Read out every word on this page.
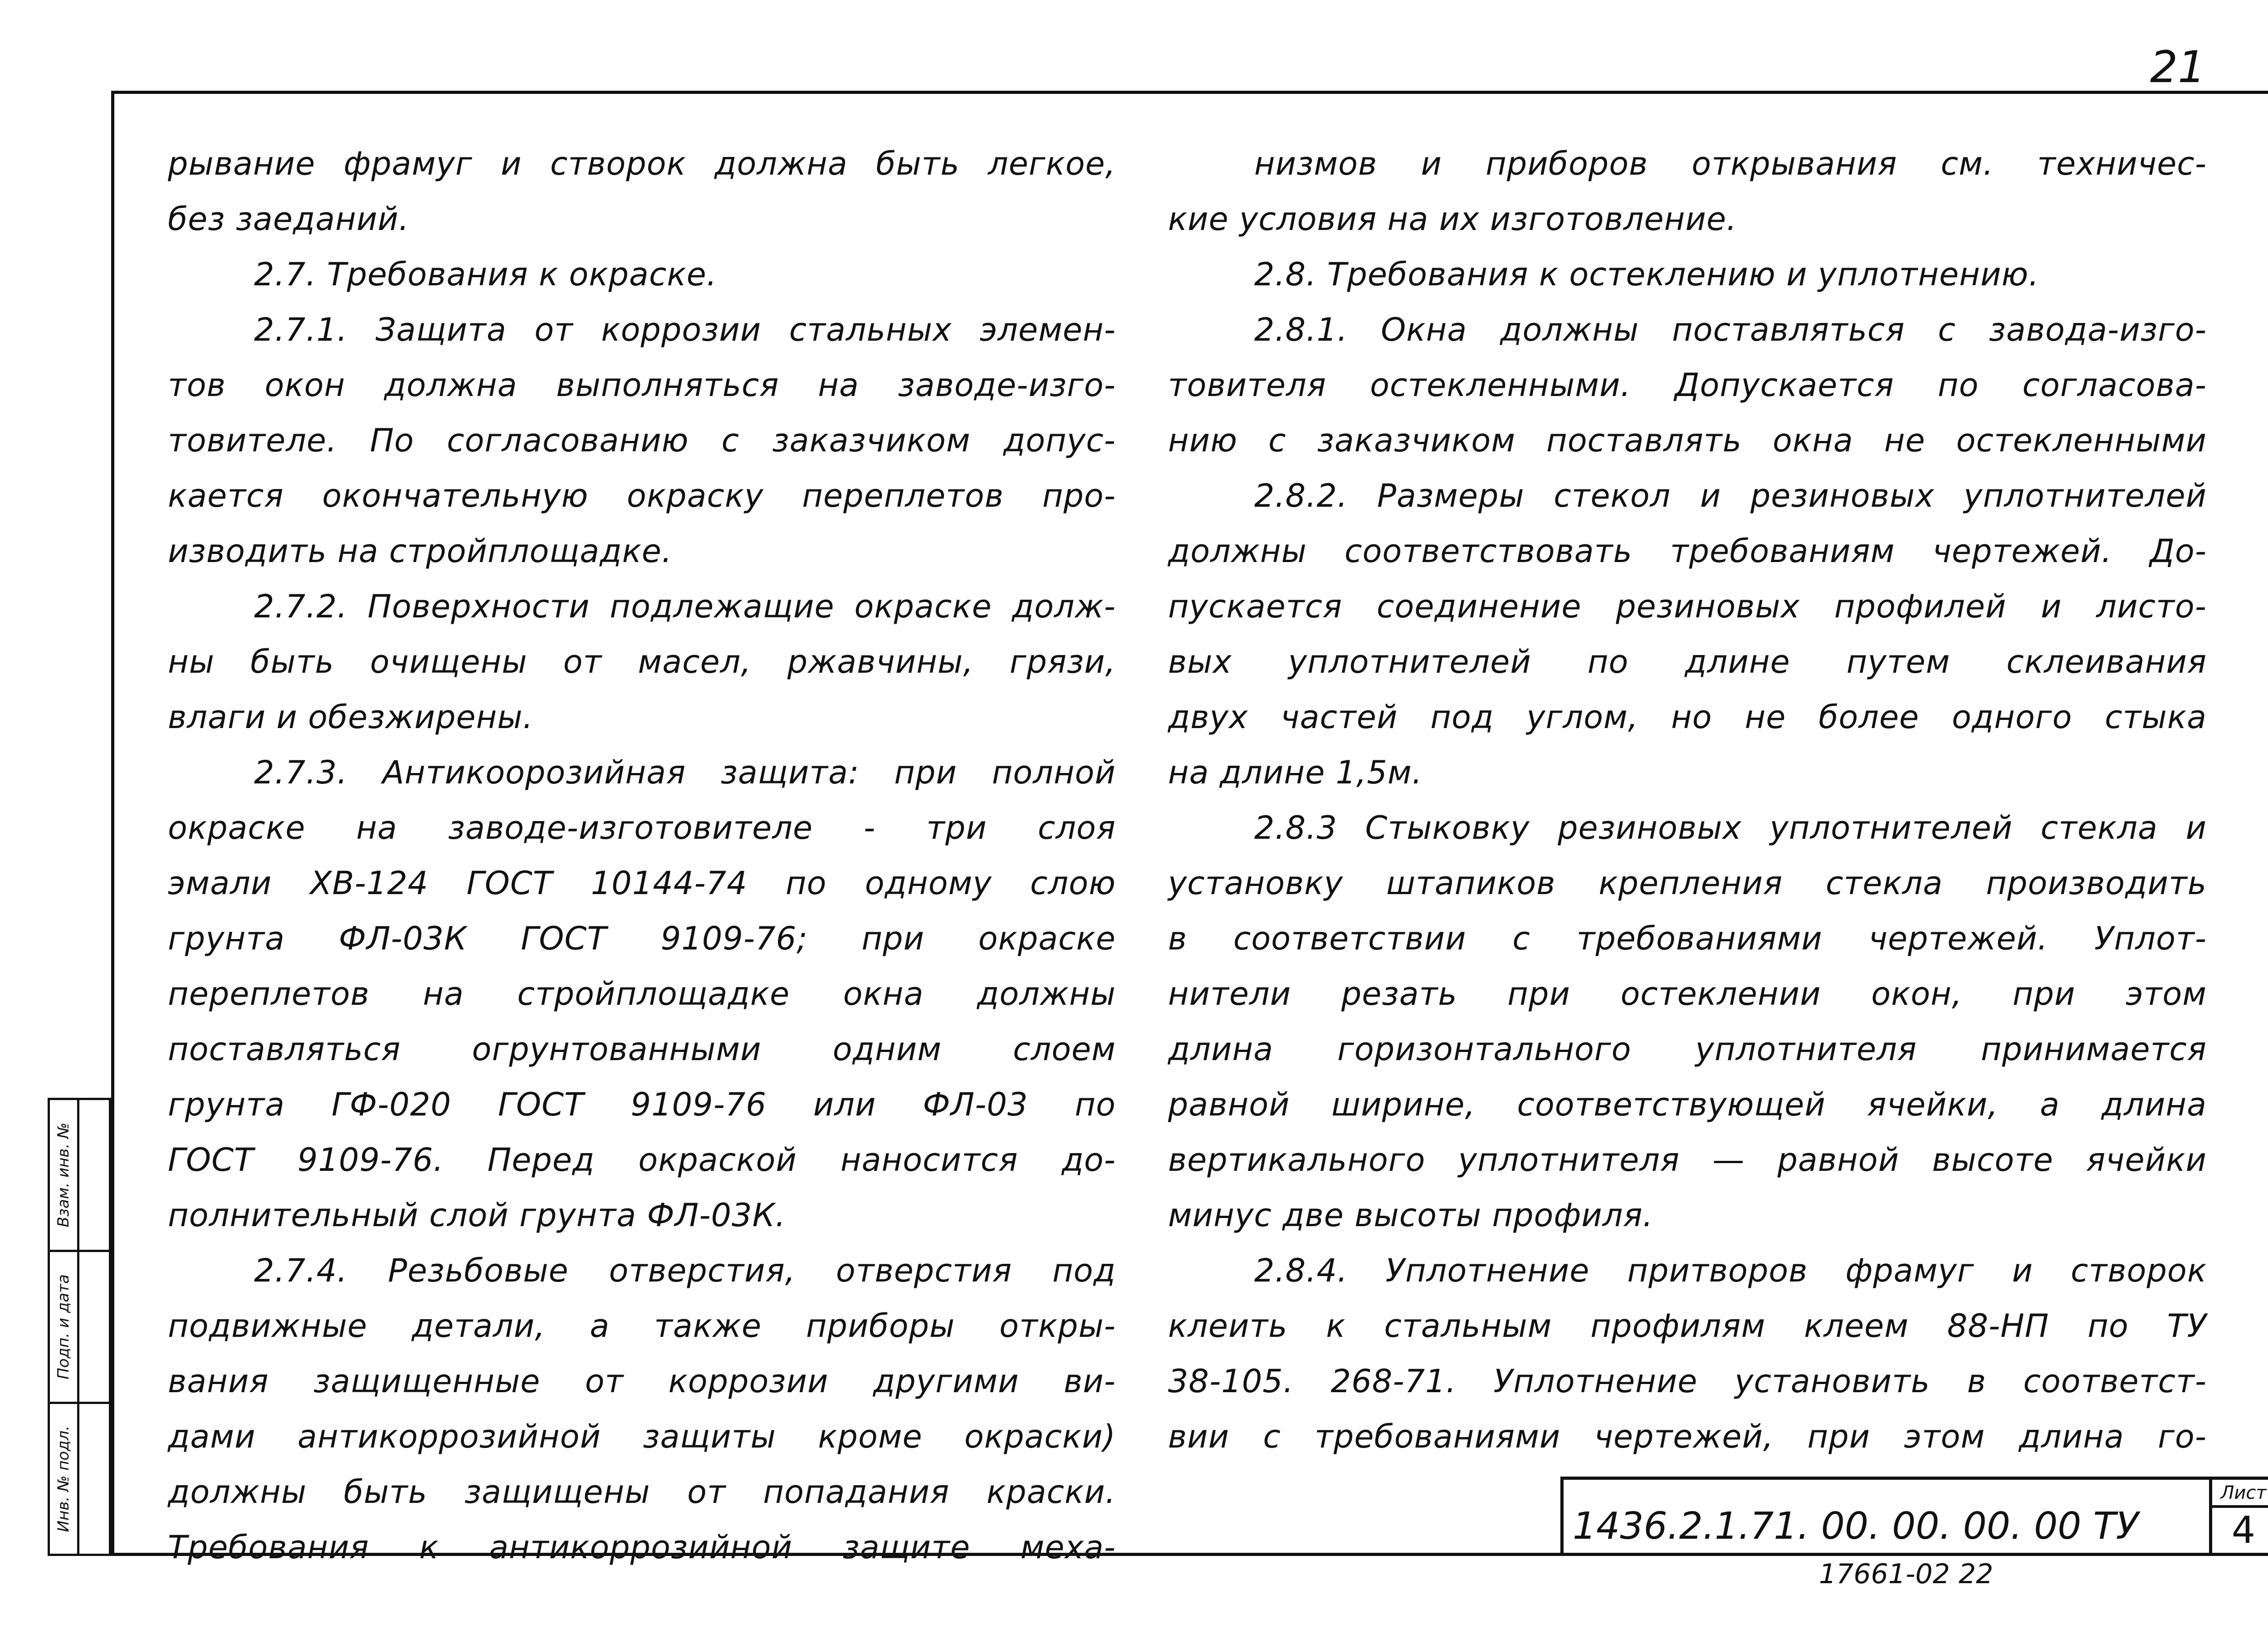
21
рывание фрамуг и створок должна быть легкое,
без заеданий.
2.7. Требования к окраске.
2.7.1. Защита от коррозии стальных элемен-
тов окон должна выполняться на заводе-изго-
товителе. По согласованию с заказчиком допус-
кается окончательную окраску переплетов про-
изводить на стройплощадке.
2.7.2. Поверхности подлежащие окраске долж-
ны быть очищены от масел, ржавчины, грязи,
влаги и обезжирены.
2.7.3. Антикоорозийная защита: при полной
окраске на заводе-изготовителе - три слоя
эмали ХВ-124 ГОСТ 10144-74 по одному слою
грунта ФЛ-03К ГОСТ 9109-76; при окраске
переплетов на стройплощадке окна должны
поставляться огрунтованными одним слоем
грунта ГФ-020 ГОСТ 9109-76 или ФЛ-03 по
ГОСТ 9109-76. Перед окраской наносится до-
полнительный слой грунта ФЛ-03К.
2.7.4. Резьбовые отверстия, отверстия под
подвижные детали, а также приборы откры-
вания защищенные от коррозии другими ви-
дами антикоррозийной защиты кроме окраски)
должны быть защищены от попадания краски.
Требования к антикоррозийной защите меха-
низмов и приборов открывания см. техничес-
кие условия на их изготовление.
2.8. Требования к остеклению и уплотнению.
2.8.1. Окна должны поставляться с завода-изго-
товителя остекленными. Допускается по согласова-
нию с заказчиком поставлять окна не остекленными
2.8.2. Размеры стекол и резиновых уплотнителей
должны соответствовать требованиям чертежей. До-
пускается соединение резиновых профилей и листо-
вых уплотнителей по длине путем склеивания
двух частей под углом, но не более одного стыка
на длине 1,5м.
2.8.3 Стыковку резиновых уплотнителей стекла и
установку штапиков крепления стекла производить
в соответствии с требованиями чертежей. Уплот-
нители резать при остеклении окон, при этом
длина горизонтального уплотнителя принимается
равной ширине, соответствующей ячейки, а длина
вертикального уплотнителя — равной высоте ячейки
минус две высоты профиля.
2.8.4. Уплотнение притворов фрамуг и створок
клеить к стальным профилям клеем 88-НП по ТУ
38-105. 268-71. Уплотнение установить в соответст-
вии с требованиями чертежей, при этом длина го-
Взам. инв. №
Подп. и дата
Инв. № подл.	1436.2.1.71. 00. 00. 00. 00 ТУ
Лист
4
17661-02 22
